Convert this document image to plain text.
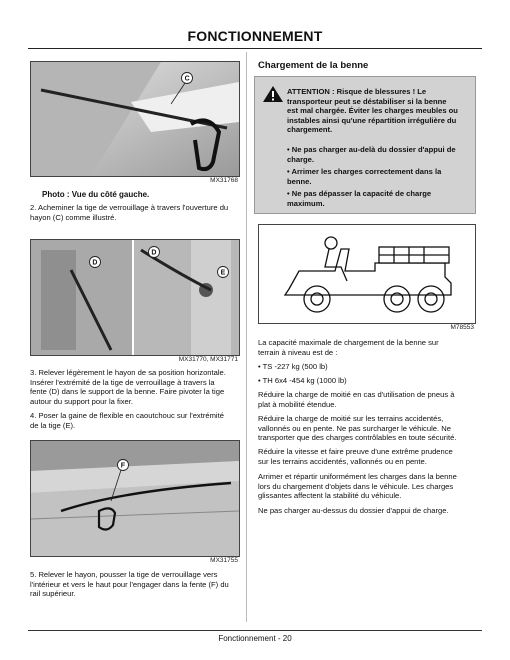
FONCTIONNEMENT
C
MX31768
Photo : Vue du côté gauche.

2. Acheminer la tige de verrouillage à travers l'ouverture du
hayon (C) comme illustré.

D
D
E
MX31770, MX31771

3. Relever légèrement le hayon de sa position horizontale.
Insérer l'extrémité de la tige de verrouillage à travers la
fente (D) dans le support de la benne. Faire pivoter la tige
autour du support pour la fixer.

4. Poser la gaine de flexible en caoutchouc sur l'extrémité
de la tige (E).

F
MX31755

5. Relever le hayon, pousser la tige de verrouillage vers
l'intérieur et vers le haut pour l'engager dans la fente (F) du
rail supérieur.

Chargement de la benne

ATTENTION : Risque de blessures ! Le
transporteur peut se déstabiliser si la benne
est mal chargée. Éviter les charges meubles ou
instables ainsi qu'une répartition irrégulière du
chargement.

• Ne pas charger au-delà du dossier d'appui de
charge.
• Arrimer les charges correctement dans la
benne.
• Ne pas dépasser la capacité de charge
maximum.
M78553

La capacité maximale de chargement de la benne sur
terrain à niveau est de :

• TS -227 kg (500 lb)
• TH 6x4 -454 kg (1000 lb)

Réduire la charge de moitié en cas d'utilisation de pneus à
plat à mobilité étendue.

Réduire la charge de moitié sur les terrains accidentés,
vallonnés ou en pente. Ne pas surcharger le véhicule. Ne
transporter que des charges contrôlables en toute sécurité.

Réduire la vitesse et faire preuve d'une extrême prudence
sur les terrains accidentés, vallonnés ou en pente.

Arrimer et répartir uniformément les charges dans la benne
lors du chargement d'objets dans le véhicule. Les charges
glissantes affectent la stabilité du véhicule.

Ne pas charger au-dessus du dossier d'appui de charge.

Fonctionnement - 20
